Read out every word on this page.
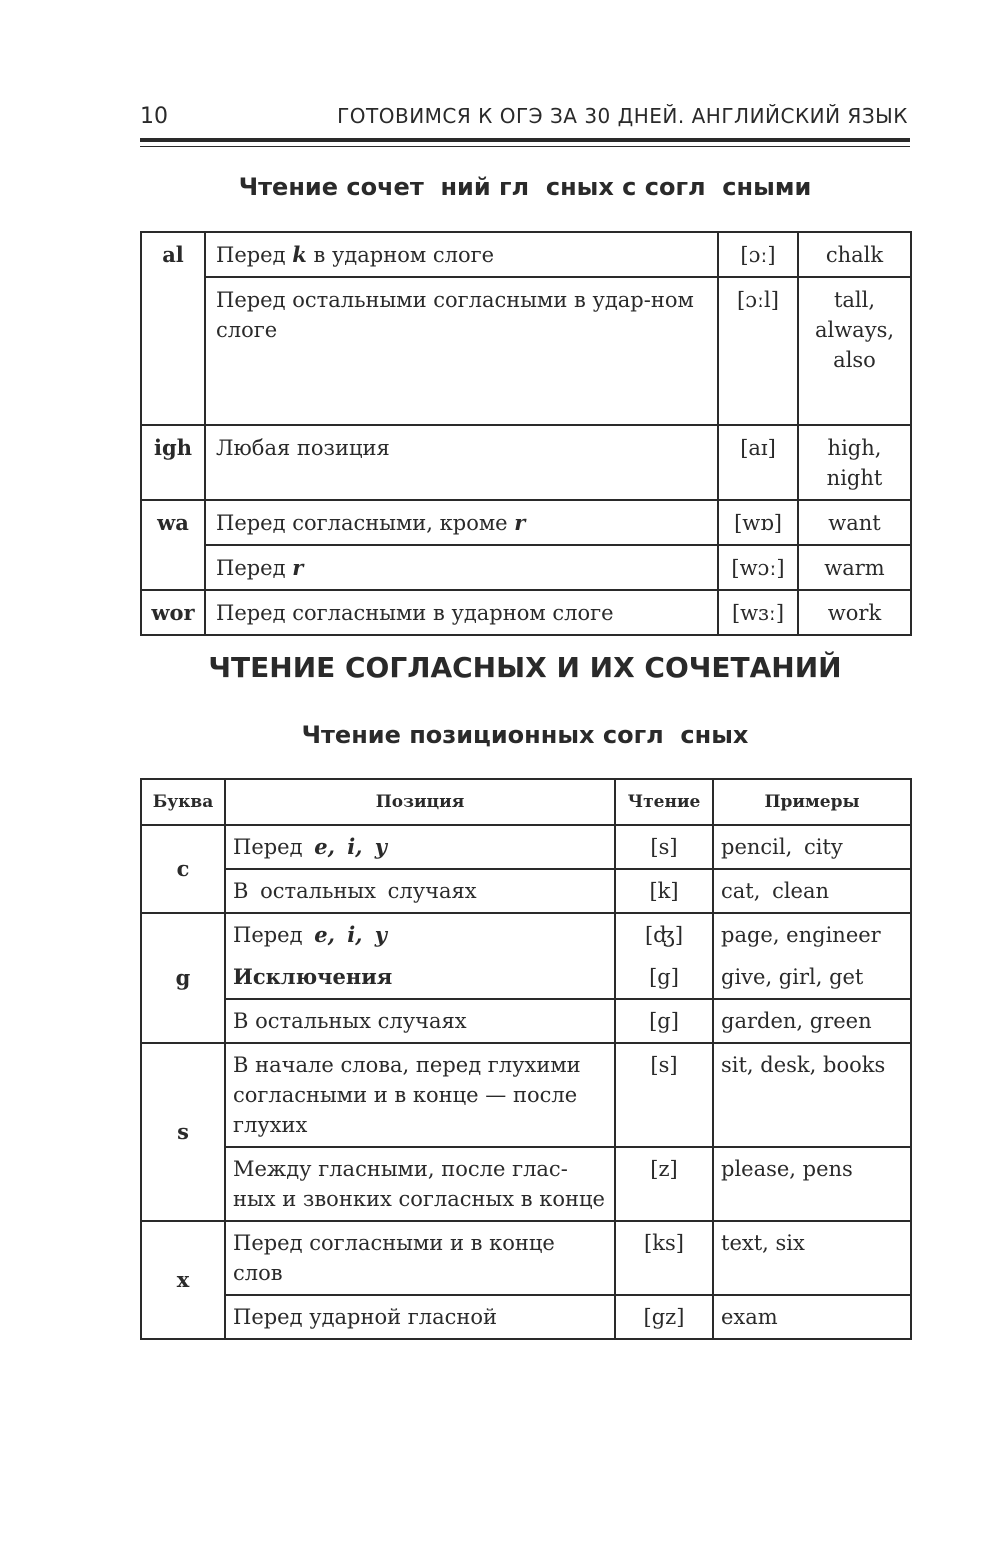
10	ГОТОВИМСЯ К ОГЭ ЗА 30 ДНЕЙ. АНГЛИЙСКИЙ ЯЗЫК
Чтение сочет  ний гл  сных с согл  сными
al	Перед k в ударном слоге	[ɔː]	chalk
	Перед остальными согласными в удар-ном слоге	[ɔːl]	tall, always, also
igh	Любая позиция	[aɪ]	high, night
wa	Перед согласными, кроме r	[wɒ]	want
	Перед r	[wɔː]	warm
wor	Перед согласными в ударном слоге	[wɜː]	work
ЧТЕНИЕ СОГЛАСНЫХ И ИХ СОЧЕТАНИЙ
Чтение позиционных согл  сных
Буква	Позиция	Чтение	Примеры
c	Перед e, i, y	[s]	pencil, city
	В остальных случаях	[k]	cat, clean
g	Перед e, i, y	[ʤ]	page, engineer
	Исключения	[g]	give, girl, get
	В остальных случаях	[g]	garden, green
s	В начале слова, перед глухими согласными и в конце — после глухих	[s]	sit, desk, books
	Между гласными, после глас-ных и звонких согласных в конце	[z]	please, pens
x	Перед согласными и в конце слов	[ks]	text, six
	Перед ударной гласной	[gz]	exam
